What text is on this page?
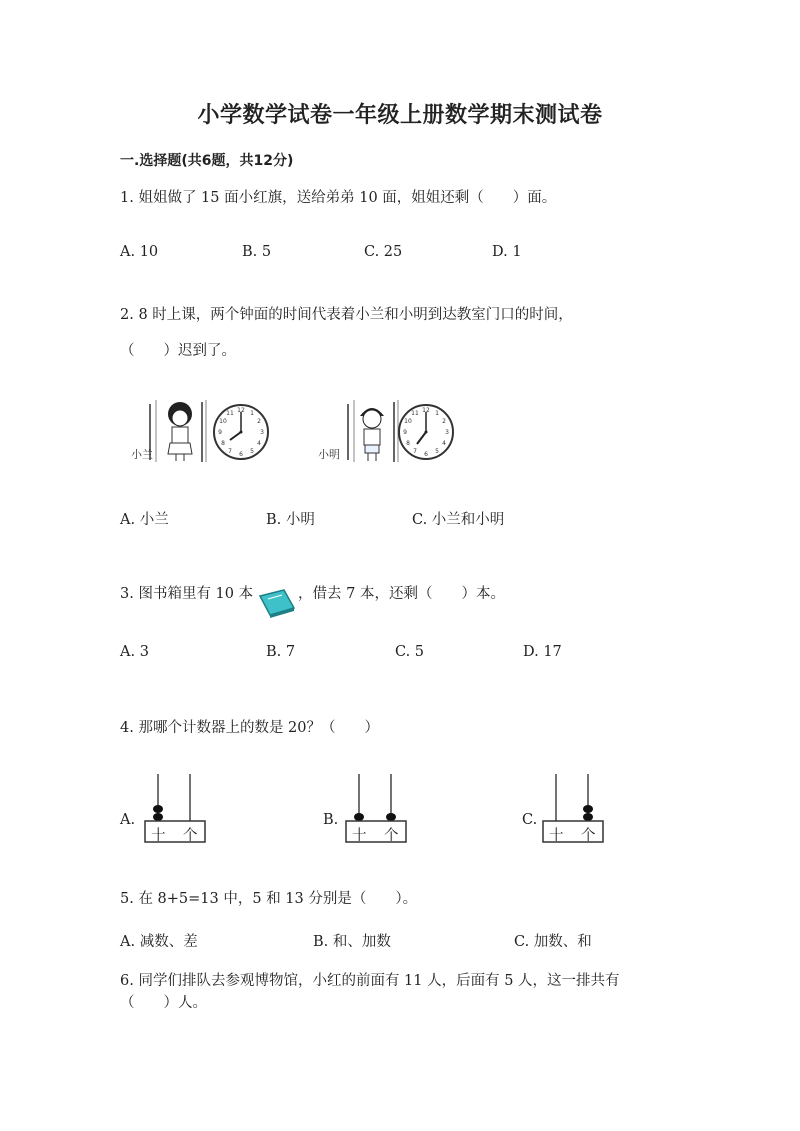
小学数学试卷一年级上册数学期末测试卷
一.选择题(共6题，共12分)
1. 姐姐做了 15 面小红旗，送给弟弟 10 面，姐姐还剩（　　）面。
A. 10	B. 5	C. 25	D. 1
2. 8 时上课，两个钟面的时间代表着小兰和小明到达教室门口的时间，
（　　）迟到了。
小兰
12 1
2
3
4
5
6
7
8
9
10
11
小明
12 1
2
3
4
5
6
7
8
9
10
11
A. 小兰	B. 小明	C. 小兰和小明
3. 图书箱里有 10 本	，借去 7 本，还剩（　　）本。
A. 3	B. 7	C. 5	D. 17
4. 那哪个计数器上的数是 20？（　　）
A.
十 个
B.
十 个
C.
十 个
5. 在 8+5=13 中，5 和 13 分别是（　　）。
A. 减数、差	B. 和、加数	C. 加数、和
6. 同学们排队去参观博物馆，小红的前面有 11 人，后面有 5 人，这一排共有
（　　）人。
